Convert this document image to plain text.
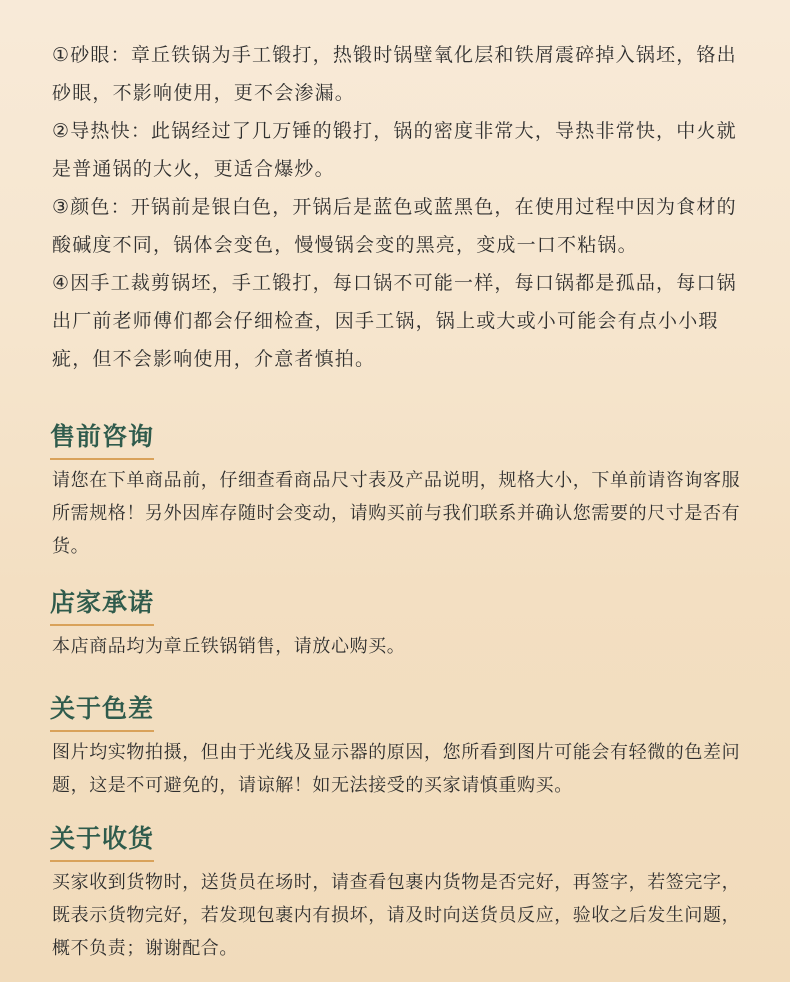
①砂眼：章丘铁锅为手工锻打，热锻时锅壁氧化层和铁屑震碎掉入锅坯，铬出砂眼，不影响使用，更不会渗漏。

②导热快：此锅经过了几万锤的锻打，锅的密度非常大，导热非常快，中火就是普通锅的大火，更适合爆炒。

③颜色：开锅前是银白色，开锅后是蓝色或蓝黑色，在使用过程中因为食材的酸碱度不同，锅体会变色，慢慢锅会变的黑亮，变成一口不粘锅。

④因手工裁剪锅坯，手工锻打，每口锅不可能一样，每口锅都是孤品，每口锅出厂前老师傅们都会仔细检查，因手工锅，锅上或大或小可能会有点小小瑕疵，但不会影响使用，介意者慎拍。

售前咨询
请您在下单商品前，仔细查看商品尺寸表及产品说明，规格大小，下单前请咨询客服所需规格！另外因库存随时会变动，请购买前与我们联系并确认您需要的尺寸是否有货。
店家承诺
本店商品均为章丘铁锅销售，请放心购买。
关于色差
图片均实物拍摄，但由于光线及显示器的原因，您所看到图片可能会有轻微的色差问题，这是不可避免的，请谅解！如无法接受的买家请慎重购买。
关于收货
买家收到货物时，送货员在场时，请查看包裹内货物是否完好，再签字，若签完字，既表示货物完好，若发现包裹内有损坏，请及时向送货员反应，验收之后发生问题，概不负责；谢谢配合。
